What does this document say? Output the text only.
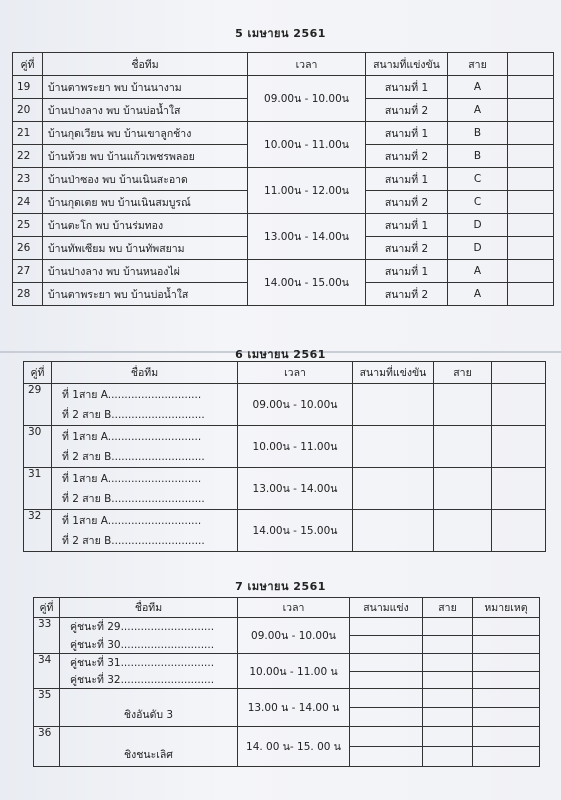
5 เมษายน 2561
คู่ที่	ชื่อทีม	เวลา	สนามที่แข่งขัน	สาย	
19	บ้านตาพระยา พบ บ้านนางาม	09.00น - 10.00น	สนามที่ 1	A	
20	บ้านปางลาง พบ บ้านบ่อน้ำใส		สนามที่ 2	A	
21	บ้านกุดเวียน พบ บ้านเขาลูกช้าง	10.00น - 11.00น	สนามที่ 1	B	
22	บ้านห้วย พบ บ้านแก้วเพชรพลอย		สนามที่ 2	B	
23	บ้านป่าซอง พบ บ้านเนินสะอาด	11.00น - 12.00น	สนามที่ 1	C	
24	บ้านกุดเตย พบ บ้านเนินสมบูรณ์		สนามที่ 2	C	
25	บ้านตะโก พบ บ้านร่มทอง	13.00น - 14.00น	สนามที่ 1	D	
26	บ้านทัพเซียม พบ บ้านทัพสยาม		สนามที่ 2	D	
27	บ้านปางลาง พบ บ้านหนองไผ่	14.00น - 15.00น	สนามที่ 1	A	
28	บ้านตาพระยา พบ บ้านบ่อน้ำใส		สนามที่ 2	A	
6 เมษายน 2561
คู่ที่	ชื่อทีม	เวลา	สนามที่แข่งขัน	สาย	
29	ที่ 1สาย A............................	09.00น - 10.00น			
	ที่ 2 สาย B............................				
30	ที่ 1สาย A............................	10.00น - 11.00น			
	ที่ 2 สาย B............................				
31	ที่ 1สาย A............................	13.00น - 14.00น			
	ที่ 2 สาย B............................				
32	ที่ 1สาย A............................	14.00น - 15.00น			
	ที่ 2 สาย B............................				
7 เมษายน 2561
คู่ที่	ชื่อทีม	เวลา	สนามแข่ง	สาย	หมายเหตุ
33	คู่ชนะที่ 29............................	09.00น - 10.00น			
	คู่ชนะที่ 30............................				
34	คู่ชนะที่ 31............................	10.00น - 11.00 น			
	คู่ชนะที่ 32............................				
35	ชิงอันดับ 3	13.00 น - 14.00 น			

36	ชิงชนะเลิศ	14. 00 น- 15. 00 น			
